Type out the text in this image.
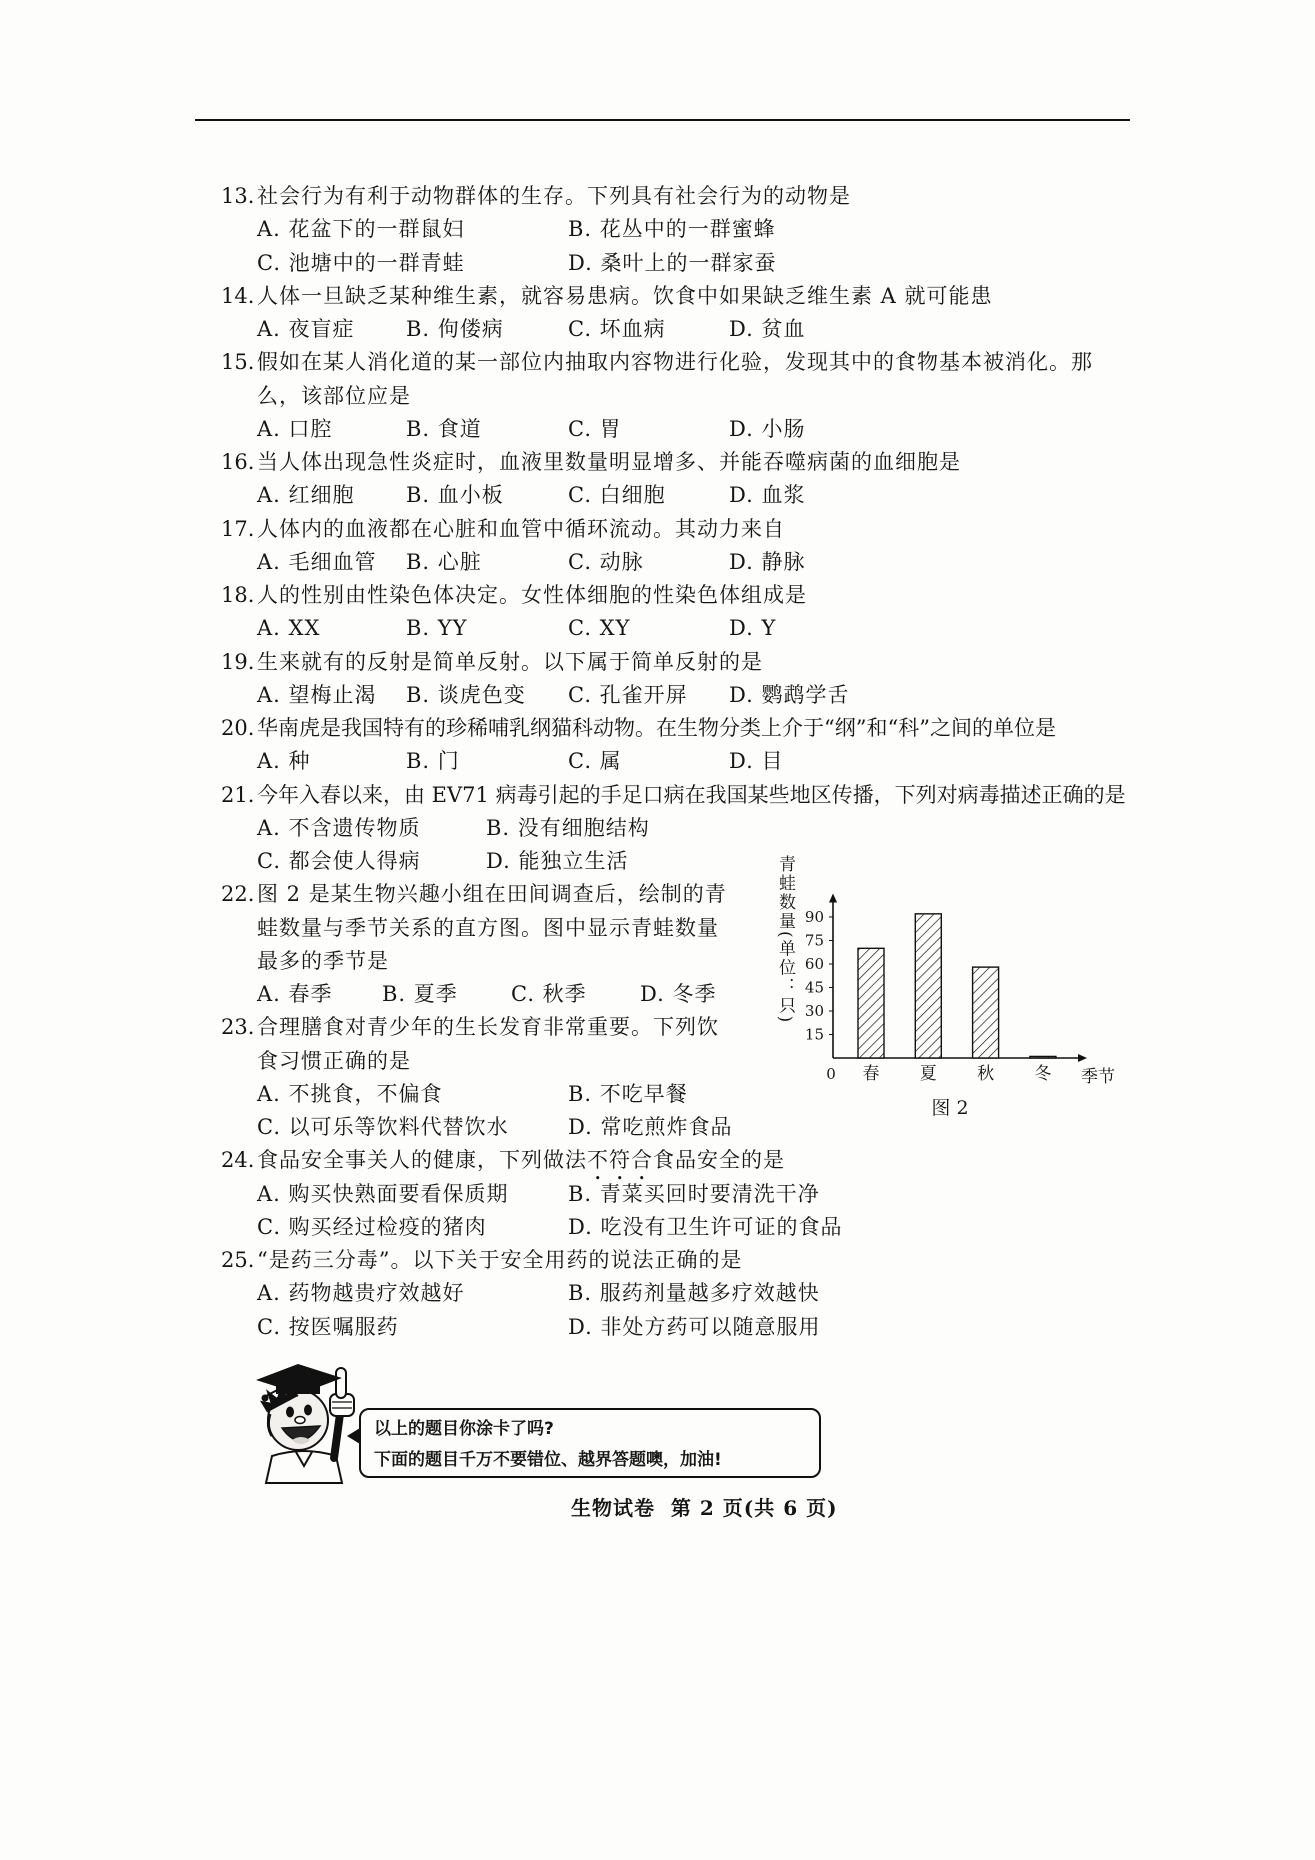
13. 社会行为有利于动物群体的生存。下列具有社会行为的动物是
A. 花盆下的一群鼠妇	B. 花丛中的一群蜜蜂
C. 池塘中的一群青蛙	D. 桑叶上的一群家蚕
14. 人体一旦缺乏某种维生素，就容易患病。饮食中如果缺乏维生素 A 就可能患
A. 夜盲症 B. 佝偻病	C. 坏血病	D. 贫血
15. 假如在某人消化道的某一部位内抽取内容物进行化验，发现其中的食物基本被消化。那
么，该部位应是
A. 口腔	B. 食道	C. 胃	D. 小肠
16. 当人体出现急性炎症时，血液里数量明显增多、并能吞噬病菌的血细胞是
A. 红细胞 B. 血小板	C. 白细胞	D. 血浆
17. 人体内的血液都在心脏和血管中循环流动。其动力来自
A. 毛细血管 B. 心脏	C. 动脉	D. 静脉
18. 人的性别由性染色体决定。女性体细胞的性染色体组成是
A. XX	B. YY	C. XY	D. Y
19. 生来就有的反射是简单反射。以下属于简单反射的是
A. 望梅止渴 B. 谈虎色变 C. 孔雀开屏 D. 鹦鹉学舌
20. 华南虎是我国特有的珍稀哺乳纲猫科动物。在生物分类上介于“纲”和“科”之间的单位是
A. 种	B. 门	C. 属	D. 目
21. 今年入春以来，由 EV71 病毒引起的手足口病在我国某些地区传播，下列对病毒描述正确的是
A. 不含遗传物质	B. 没有细胞结构
C. 都会使人得病	D. 能独立生活
22. 图 2 是某生物兴趣小组在田间调查后，绘制的青
蛙数量与季节关系的直方图。图中显示青蛙数量
最多的季节是
A. 春季 B. 夏季	C. 秋季	D. 冬季
23. 合理膳食对青少年的生长发育非常重要。下列饮
食习惯正确的是
A. 不挑食，不偏食	B. 不吃早餐
C. 以可乐等饮料代替饮水	D. 常吃煎炸食品
24. 食品安全事关人的健康，下列做法不符合食品安全的是
A. 购买快熟面要看保质期	B. 青菜买回时要清洗干净
C. 购买经过检疫的猪肉	D. 吃没有卫生许可证的食品
25. “是药三分毒”。以下关于安全用药的说法正确的是
A. 药物越贵疗效越好	B. 服药剂量越多疗效越快
C. 按医嘱服药	D. 非处方药可以随意服用
青蛙数量(单位：只)
15
30
45
60
75
90
0 春 夏 秋 冬 季节
图 2
以上的题目你涂卡了吗?
下面的题目千万不要错位、越界答题噢，加油!
生物试卷  第 2 页(共 6 页)
